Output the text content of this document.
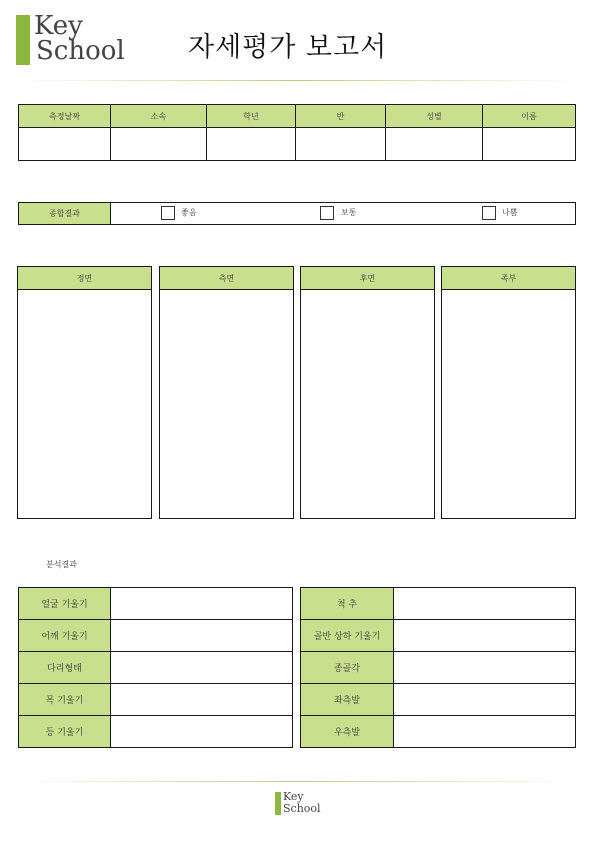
Key
School 자세평가 보고서
측정날짜	소속	학년	반	성별	이름
종합결과	좋음	보통	나쁨
정면	측면	후면	족부
분석결과
얼굴 기울기
어깨 기울기
다리형태
목 기울기
등 기울기
척 추
골반 상하 기울기
종골각
좌측발
우측발
Key
School
